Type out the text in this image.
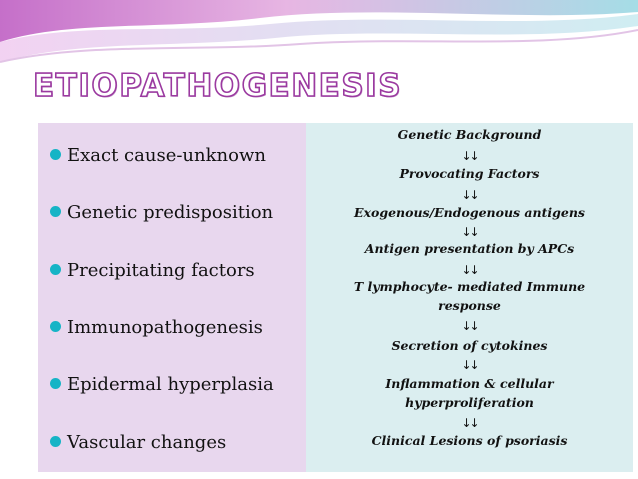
ETIOPATHOGENESIS
Exact cause-unknown
Genetic predisposition
Precipitating factors
Immunopathogenesis
Epidermal hyperplasia
Vascular changes
Genetic Background
↓↓
Provocating Factors
↓↓
Exogenous/Endogenous antigens
↓↓
Antigen presentation by APCs
↓↓
T lymphocyte- mediated Immune response
↓↓
Secretion of cytokines
↓↓
Inflammation & cellular hyperproliferation
↓↓
Clinical Lesions of psoriasis
